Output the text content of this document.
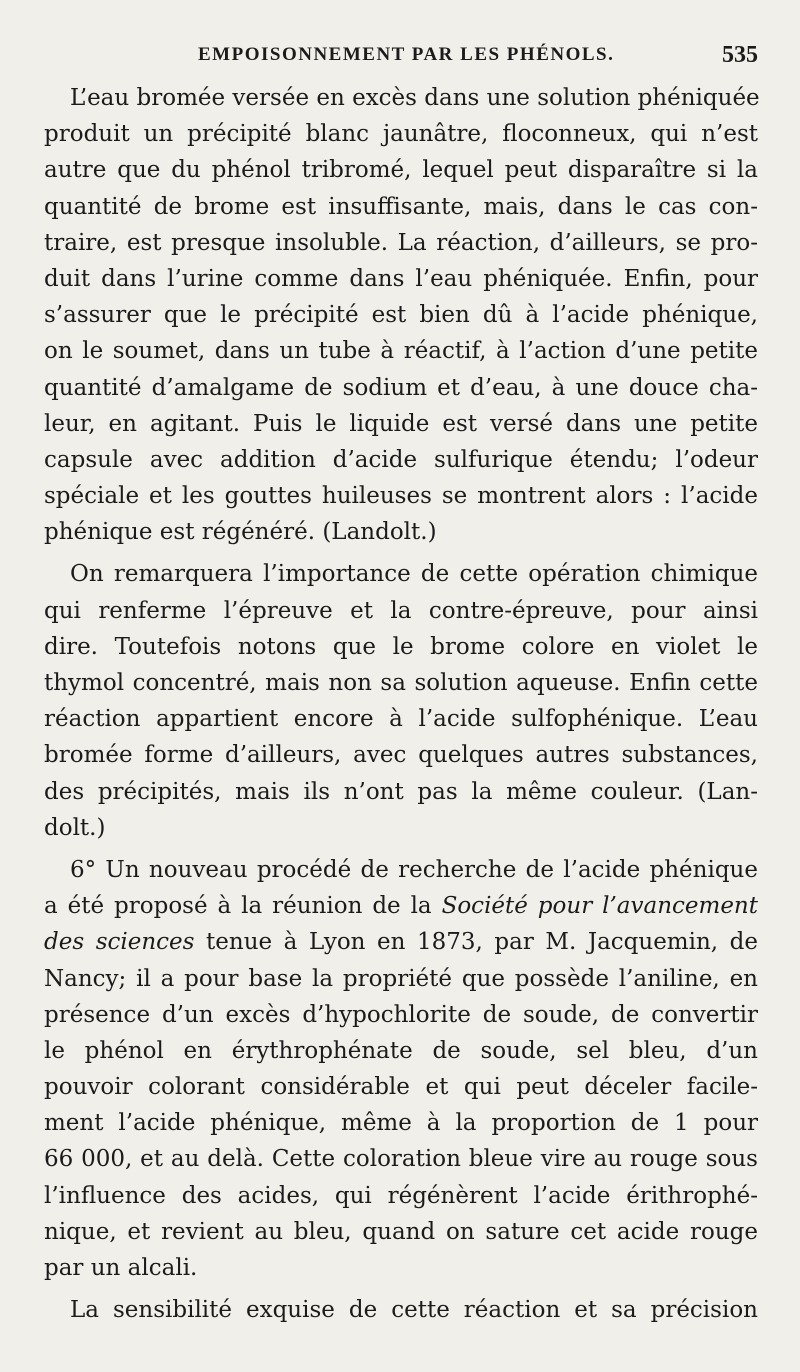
EMPOISONNEMENT PAR LES PHÉNOLS.	535
L’eau bromée versée en excès dans une solution phéniquée
produit un précipité blanc jaunâtre, floconneux, qui n’est
autre que du phénol tribromé, lequel peut disparaître si la
quantité de brome est insuffisante, mais, dans le cas con-
traire, est presque insoluble. La réaction, d’ailleurs, se pro-
duit dans l’urine comme dans l’eau phéniquée. Enfin, pour
s’assurer que le précipité est bien dû à l’acide phénique,
on le soumet, dans un tube à réactif, à l’action d’une petite
quantité d’amalgame de sodium et d’eau, à une douce cha-
leur, en agitant. Puis le liquide est versé dans une petite
capsule avec addition d’acide sulfurique étendu; l’odeur
spéciale et les gouttes huileuses se montrent alors : l’acide
phénique est régénéré. (Landolt.)
On remarquera l’importance de cette opération chimique
qui renferme l’épreuve et la contre-épreuve, pour ainsi
dire. Toutefois notons que le brome colore en violet le
thymol concentré, mais non sa solution aqueuse. Enfin cette
réaction appartient encore à l’acide sulfophénique. L’eau
bromée forme d’ailleurs, avec quelques autres substances,
des précipités, mais ils n’ont pas la même couleur. (Lan-
dolt.)
6° Un nouveau procédé de recherche de l’acide phénique
a été proposé à la réunion de la Société pour l’avancement
des sciences tenue à Lyon en 1873, par M. Jacquemin, de
Nancy; il a pour base la propriété que possède l’aniline, en
présence d’un excès d’hypochlorite de soude, de convertir
le phénol en érythrophénate de soude, sel bleu, d’un
pouvoir colorant considérable et qui peut déceler facile-
ment l’acide phénique, même à la proportion de 1 pour
66 000, et au delà. Cette coloration bleue vire au rouge sous
l’influence des acides, qui régénèrent l’acide érithrophé-
nique, et revient au bleu, quand on sature cet acide rouge
par un alcali.
La sensibilité exquise de cette réaction et sa précision
